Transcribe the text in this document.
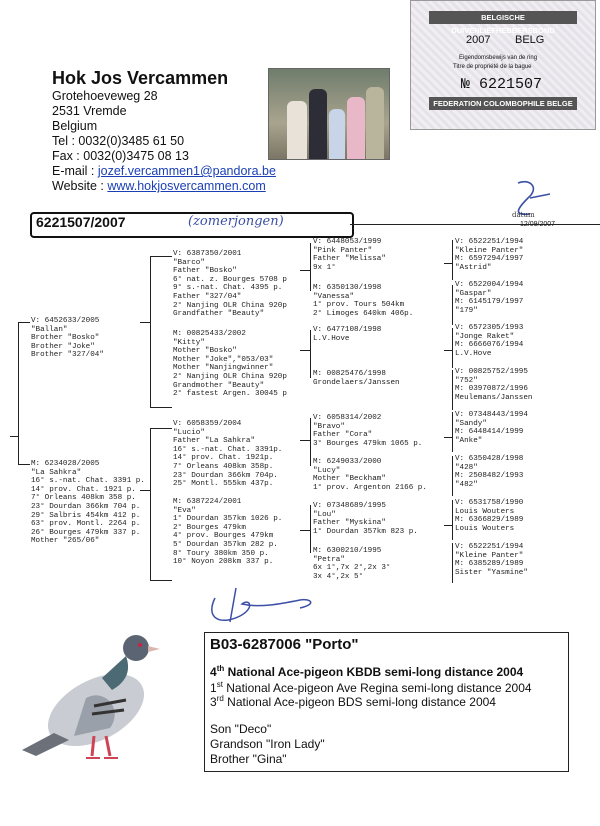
Hok Jos Vercammen
Grotehoeveweg 28
2531 Vremde
Belgium
Tel : 0032(0)3485 61 50
Fax : 0032(0)3475 08 13
E-mail : jozef.vercammen1@pandora.be
Website : www.hokjosvercammen.com
BELGISCHE DUIVENLIEFHEBBERSBOND
2007 BELG
Eigendomsbewijs van de ring
Titre de propriété de la bague
№ 6221507
FEDERATION COLOMBOPHILE BELGE
datum
6221507/2007	(zomerjongen)
V: 6452633/2005
"Ballan"
Brother "Bosko"
Brother "Joke"
Brother "327/04"
M: 6234028/2005
"La Sahkra"
16° s.-nat. Chat. 3391 p.
14° prov. Chat. 1921 p.
7° Orleans 408km 358 p.
23° Dourdan 366km 704 p.
29° Salbris 454km 412 p.
63° prov. Montl. 2264 p.
26° Bourges 479km 337 p.
Mother "265/06"
V: 6387350/2001
"Barco"
Father "Bosko"
6° nat. z. Bourges 5708 p
9° s.-nat. Chat. 4395 p.
Father "327/04"
2° Nanjing OLR China 920p
Grandfather "Beauty"
M: 00825433/2002
"Kitty"
Mother "Bosko"
Mother "Joke","053/03"
Mother "Nanjingwinner"
2° Nanjing OLR China 920p
Grandmother "Beauty"
2° fastest Argen. 30045 p
V: 6058359/2004
"Lucio"
Father "La Sahkra"
16° s.-nat. Chat. 3391p.
14° prov. Chat. 1921p.
7° Orleans 408km 358p.
23° Dourdan 366km 704p.
25° Montl. 555km 437p.
M: 6387224/2001
"Eva"
1° Dourdan 357km 1026 p.
2° Bourges 479km
4° prov. Bourges 479km
5° Dourdan 357km 282 p.
8° Toury 380km 350 p.
10° Noyon 208km 337 p.
V: 6448053/1999
"Pink Panter"
Father "Melissa"
9x 1°
M: 6350130/1998
"Vanessa"
1° prov. Tours 504km
2° Limoges 640km 406p.
V: 6477108/1998
L.V.Hove
M: 00825476/1998
Grondelaers/Janssen
V: 6058314/2002
"Bravo"
Father "Cora"
3° Bourges 479km 1065 p.
M: 6249033/2000
"Lucy"
Mother "Beckham"
1° prov. Argenton 2166 p.
V: 07348689/1995
"Lou"
Father "Myskina"
1° Dourdan 357km 823 p.
M: 6300210/1995
"Petra"
6x 1°,7x 2°,2x 3°
3x 4°,2x 5°
V: 6522251/1994
"Kleine Panter"
M: 6597294/1997
"Astrid"
V: 6522004/1994
"Gaspar"
M: 6145179/1997
"179"
V: 6572305/1993
"Jonge Raket"
M: 6666076/1994
L.V.Hove
V: 00825752/1995
"752"
M: 03970872/1996
Meulemans/Janssen
V: 07348443/1994
"Sandy"
M: 6448414/1999
"Anke"
V: 6350428/1998
"428"
M: 2508482/1993
"482"
V: 6531758/1990
Louis Wouters
M: 6366829/1989
Louis Wouters
V: 6522251/1994
"Kleine Panter"
M: 6385289/1989
Sister "Yasmine"
B03-6287006 "Porto"
4th National Ace-pigeon KBDB semi-long distance 2004
1st National Ace-pigeon Ave Regina semi-long distance 2004
3rd National Ace-pigeon BDS semi-long distance 2004
Son "Deco"
Grandson "Iron Lady"
Brother "Gina"
